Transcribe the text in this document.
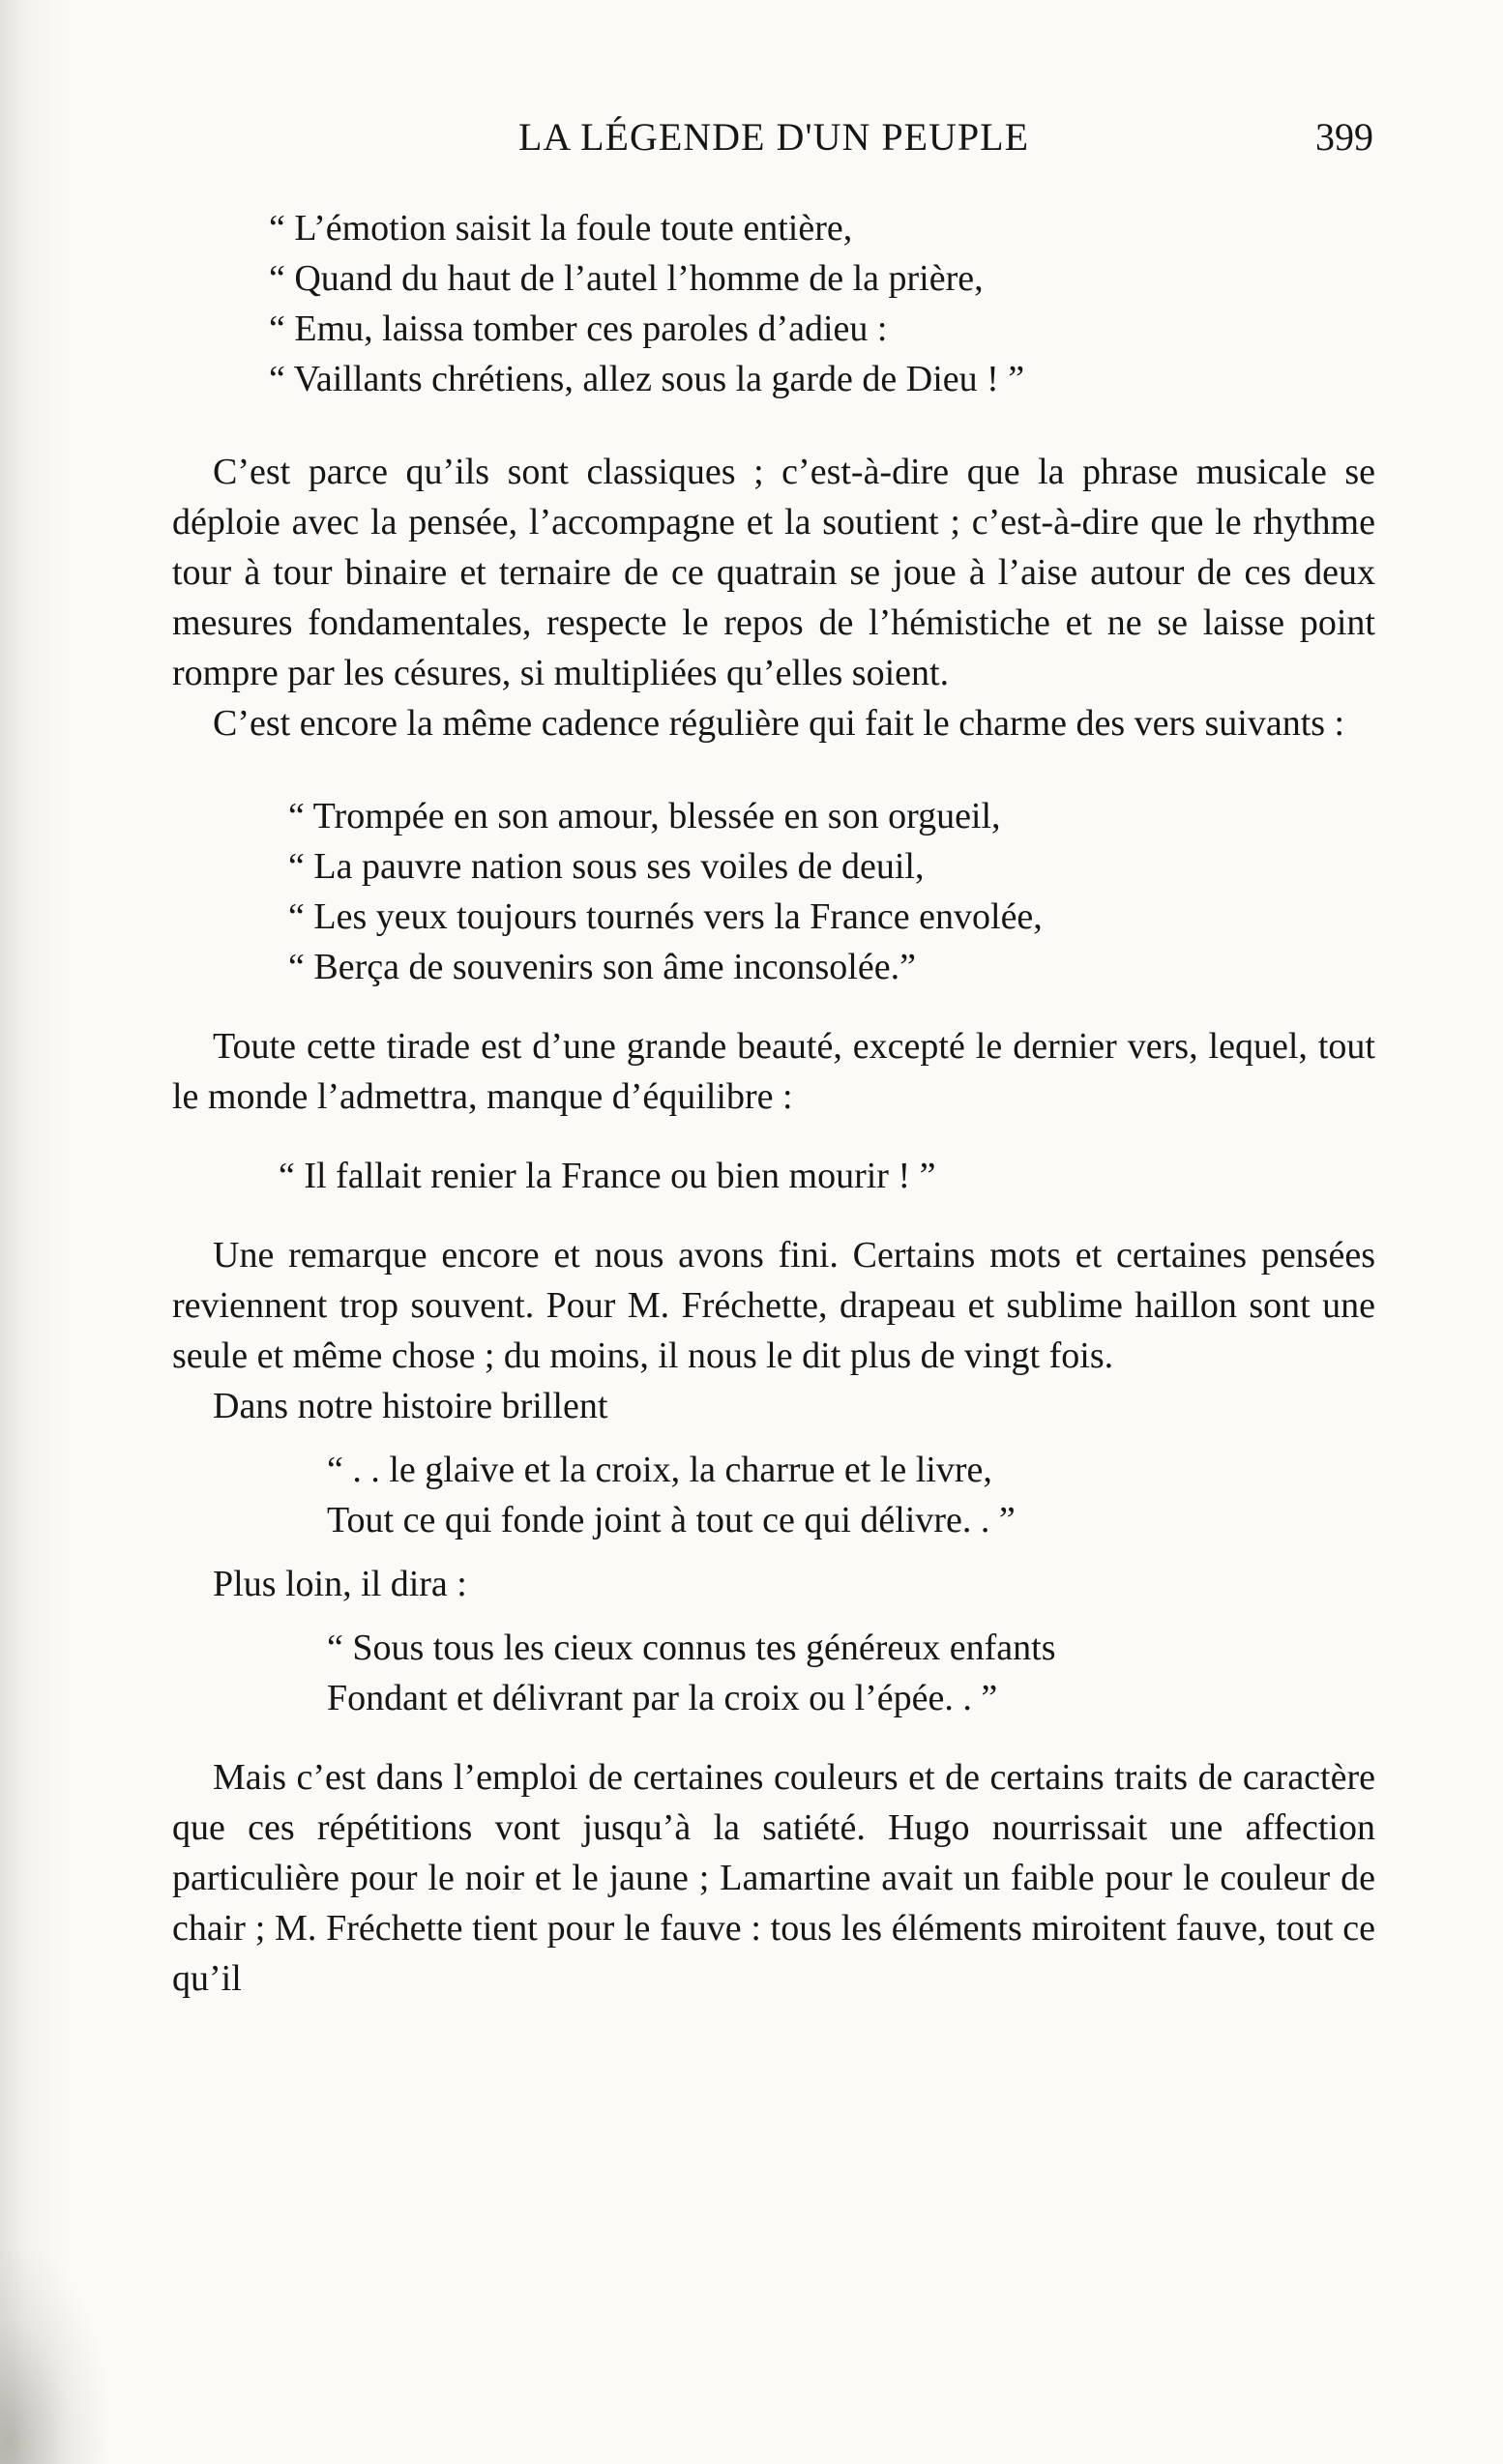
LA LÉGENDE D'UN PEUPLE	399
“ L’émotion saisit la foule toute entière,
“ Quand du haut de l’autel l’homme de la prière,
“ Emu, laissa tomber ces paroles d’adieu :
“ Vaillants chrétiens, allez sous la garde de Dieu ! ”

C’est parce qu’ils sont classiques ; c’est-à-dire que la phrase musicale se déploie avec la pensée, l’accompagne et la soutient ; c’est-à-dire que le rhythme tour à tour binaire et ternaire de ce quatrain se joue à l’aise autour de ces deux mesures fondamentales, respecte le repos de l’hémistiche et ne se laisse point rompre par les césures, si multipliées qu’elles soient.

C’est encore la même cadence régulière qui fait le charme des vers suivants :

“ Trompée en son amour, blessée en son orgueil,
“ La pauvre nation sous ses voiles de deuil,
“ Les yeux toujours tournés vers la France envolée,
“ Berça de souvenirs son âme inconsolée.”

Toute cette tirade est d’une grande beauté, excepté le dernier vers, lequel, tout le monde l’admettra, manque d’équilibre :

“ Il fallait renier la France ou bien mourir ! ”

Une remarque encore et nous avons fini. Certains mots et certaines pensées reviennent trop souvent. Pour M. Fréchette, drapeau et sublime haillon sont une seule et même chose ; du moins, il nous le dit plus de vingt fois.

Dans notre histoire brillent

“ . . le glaive et la croix, la charrue et le livre,
Tout ce qui fonde joint à tout ce qui délivre. . ”

Plus loin, il dira :

“ Sous tous les cieux connus tes généreux enfants
Fondant et délivrant par la croix ou l’épée. . ”

Mais c’est dans l’emploi de certaines couleurs et de certains traits de caractère que ces répétitions vont jusqu’à la satiété. Hugo nourrissait une affection particulière pour le noir et le jaune ; Lamartine avait un faible pour le couleur de chair ; M. Fréchette tient pour le fauve : tous les éléments miroitent fauve, tout ce qu’il
